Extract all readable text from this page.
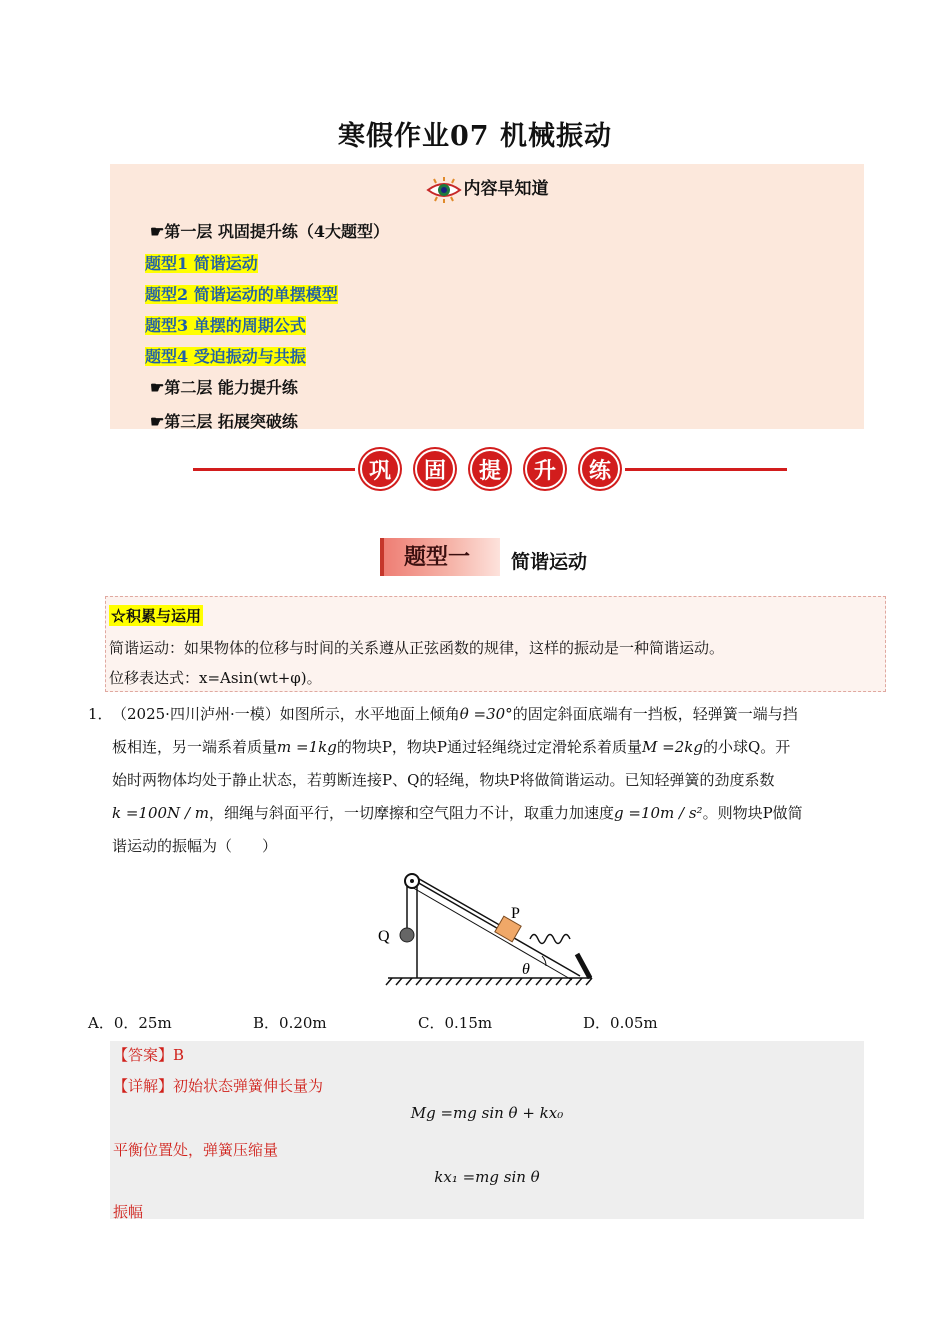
寒假作业07 机械振动
内容早知道
☛第一层 巩固提升练（4大题型）
题型1 简谐运动
题型2 简谐运动的单摆模型
题型3 单摆的周期公式
题型4 受迫振动与共振
☛第二层 能力提升练
☛第三层 拓展突破练
巩	固	提	升	练
题型一	简谐运动
☆积累与运用
简谐运动：如果物体的位移与时间的关系遵从正弦函数的规律，这样的振动是一种简谐运动。
位移表达式：x=Asin(wt+φ)。
1． （2025·四川泸州·一模）如图所示，水平地面上倾角θ =30°的固定斜面底端有一挡板，轻弹簧一端与挡
板相连，另一端系着质量m =1kg的物块P，物块P通过轻绳绕过定滑轮系着质量M =2kg的小球Q。开
始时两物体均处于静止状态，若剪断连接P、Q的轻绳，物块P将做简谐运动。已知轻弹簧的劲度系数
k =100N / m，细绳与斜面平行，一切摩擦和空气阻力不计，取重力加速度g =10m / s²。则物块P做简
谐运动的振幅为（　　）
P
Q
θ
A．0．25m	B．0.20m	C．0.15m	D．0.05m
【答案】B
【详解】初始状态弹簧伸长量为
Mg =mg sin θ + kx₀
平衡位置处，弹簧压缩量
kx₁ =mg sin θ
振幅
